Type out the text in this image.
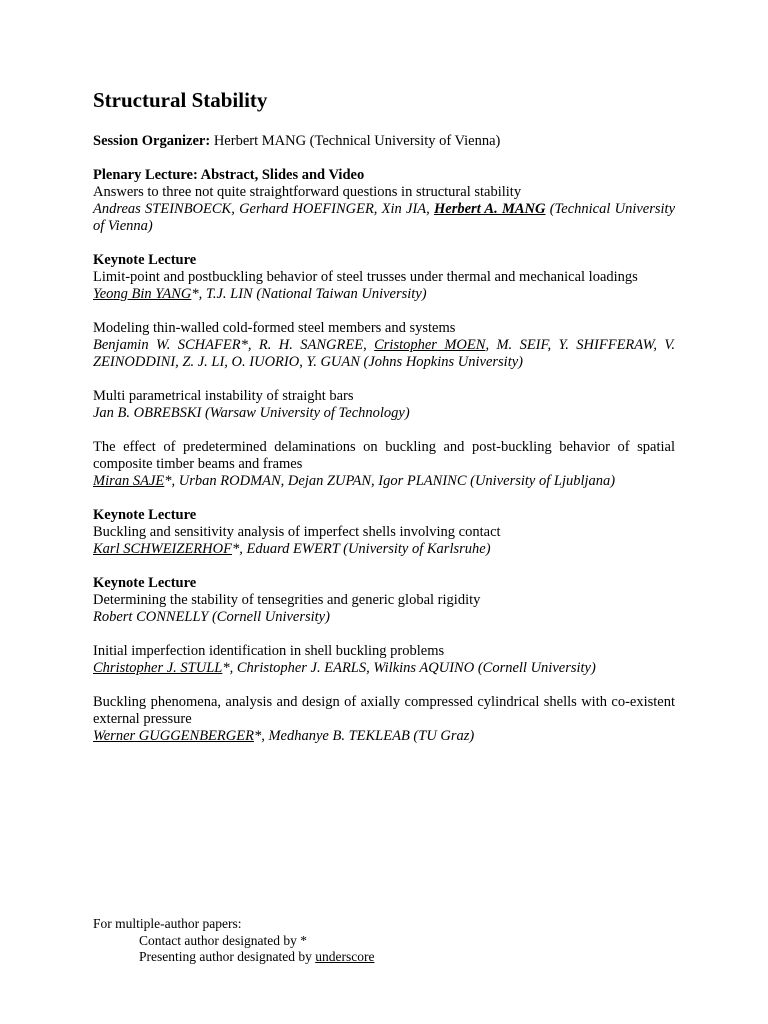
Structural Stability
Session Organizer: Herbert MANG (Technical University of Vienna)
Plenary Lecture: Abstract, Slides and Video
Answers to three not quite straightforward questions in structural stability
Andreas STEINBOECK, Gerhard HOEFINGER, Xin JIA, Herbert A. MANG (Technical University of Vienna)
Keynote Lecture
Limit-point and postbuckling behavior of steel trusses under thermal and mechanical loadings
Yeong Bin YANG*, T.J. LIN (National Taiwan University)
Modeling thin-walled cold-formed steel members and systems
Benjamin W. SCHAFER*, R. H. SANGREE, Cristopher MOEN, M. SEIF, Y. SHIFFERAW, V. ZEINODDINI, Z. J. LI, O. IUORIO, Y. GUAN (Johns Hopkins University)
Multi parametrical instability of straight bars
Jan B. OBREBSKI (Warsaw University of Technology)
The effect of predetermined delaminations on buckling and post-buckling behavior of spatial composite timber beams and frames
Miran SAJE*, Urban RODMAN, Dejan ZUPAN, Igor PLANINC (University of Ljubljana)
Keynote Lecture
Buckling and sensitivity analysis of imperfect shells involving contact
Karl SCHWEIZERHOF*, Eduard EWERT (University of Karlsruhe)
Keynote Lecture
Determining the stability of tensegrities and generic global rigidity
Robert CONNELLY (Cornell University)
Initial imperfection identification in shell buckling problems
Christopher J. STULL*, Christopher J. EARLS, Wilkins AQUINO (Cornell University)
Buckling phenomena, analysis and design of axially compressed cylindrical shells with co-existent external pressure
Werner GUGGENBERGER*, Medhanye B. TEKLEAB (TU Graz)
For multiple-author papers:
Contact author designated by *
Presenting author designated by underscore
